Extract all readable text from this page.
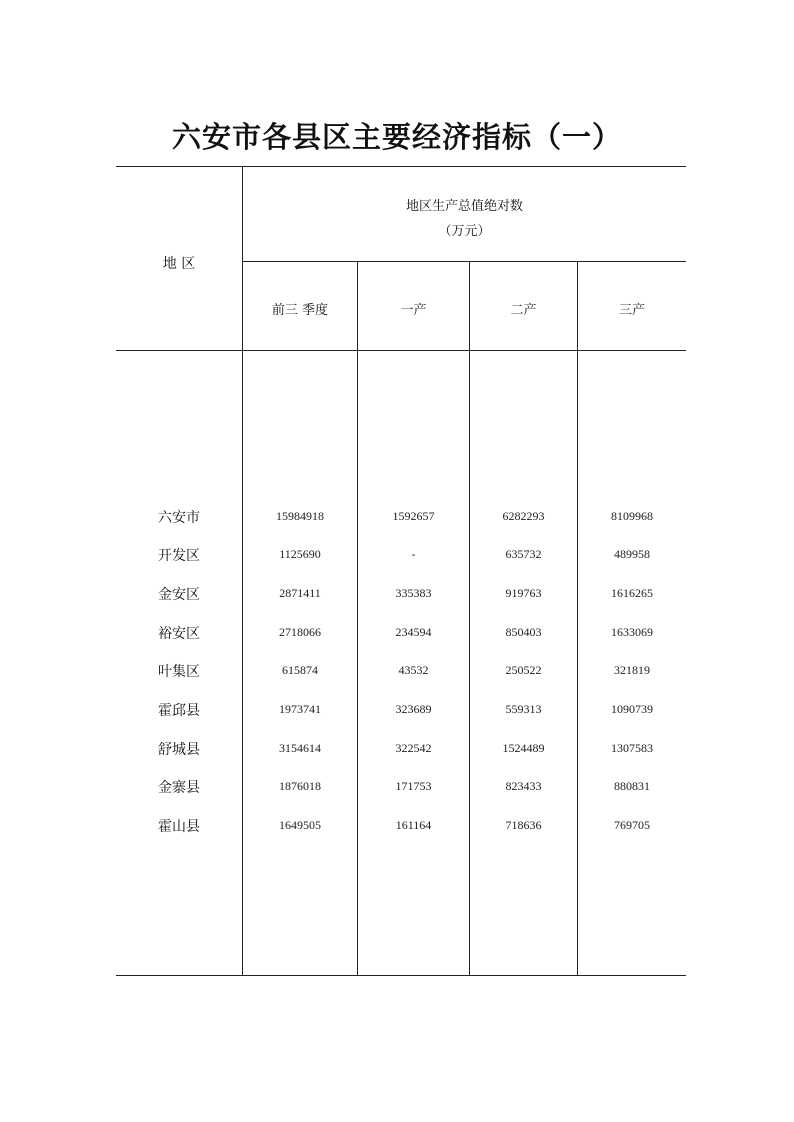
六安市各县区主要经济指标（一）
地 区
地区生产总值绝对数
（万元）
前三 季度	一产	二产	三产
六安市	15984918	1592657	6282293	8109968
开发区	1125690	-	635732	489958
金安区	2871411	335383	919763	1616265
裕安区	2718066	234594	850403	1633069
叶集区	615874	43532	250522	321819
霍邱县	1973741	323689	559313	1090739
舒城县	3154614	322542	1524489	1307583
金寨县	1876018	171753	823433	880831
霍山县	1649505	161164	718636	769705
